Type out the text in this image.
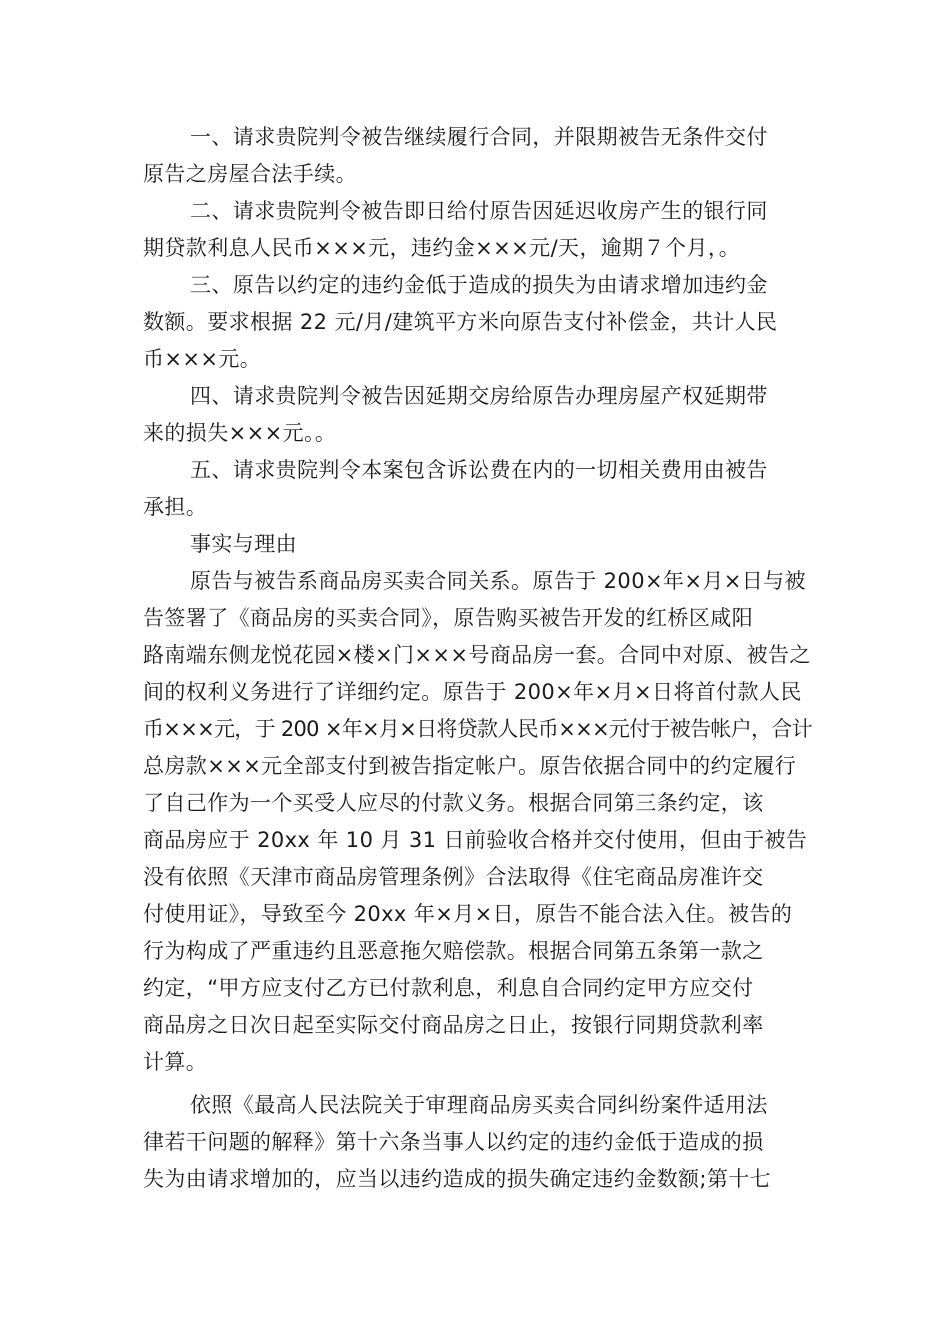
一、请求贵院判令被告继续履行合同，并限期被告无条件交付
原告之房屋合法手续。
二、请求贵院判令被告即日给付原告因延迟收房产生的银行同
期贷款利息人民币×××元，违约金×××元/天，逾期７个月，。
三、原告以约定的违约金低于造成的损失为由请求增加违约金
数额。要求根据 22 元/月/建筑平方米向原告支付补偿金，共计人民
币×××元。
四、请求贵院判令被告因延期交房给原告办理房屋产权延期带
来的损失×××元。。
五、请求贵院判令本案包含诉讼费在内的一切相关费用由被告
承担。
事实与理由
原告与被告系商品房买卖合同关系。原告于 200×年×月×日与被
告签署了《商品房的买卖合同》，原告购买被告开发的红桥区咸阳
路南端东侧龙悦花园×楼×门×××号商品房一套。合同中对原、被告之
间的权利义务进行了详细约定。原告于 200×年×月×日将首付款人民
币×××元，于 200 ×年×月×日将贷款人民币×××元付于被告帐户，合计
总房款×××元全部支付到被告指定帐户。原告依据合同中的约定履行
了自己作为一个买受人应尽的付款义务。根据合同第三条约定，该
商品房应于 20xx 年 10 月 31 日前验收合格并交付使用，但由于被告
没有依照《天津市商品房管理条例》合法取得《住宅商品房准许交
付使用证》，导致至今 20xx 年×月×日，原告不能合法入住。被告的
行为构成了严重违约且恶意拖欠赔偿款。根据合同第五条第一款之
约定，“甲方应支付乙方已付款利息，利息自合同约定甲方应交付
商品房之日次日起至实际交付商品房之日止，按银行同期贷款利率
计算。
依照《最高人民法院关于审理商品房买卖合同纠纷案件适用法
律若干问题的解释》第十六条当事人以约定的违约金低于造成的损
失为由请求增加的，应当以违约造成的损失确定违约金数额;第十七
